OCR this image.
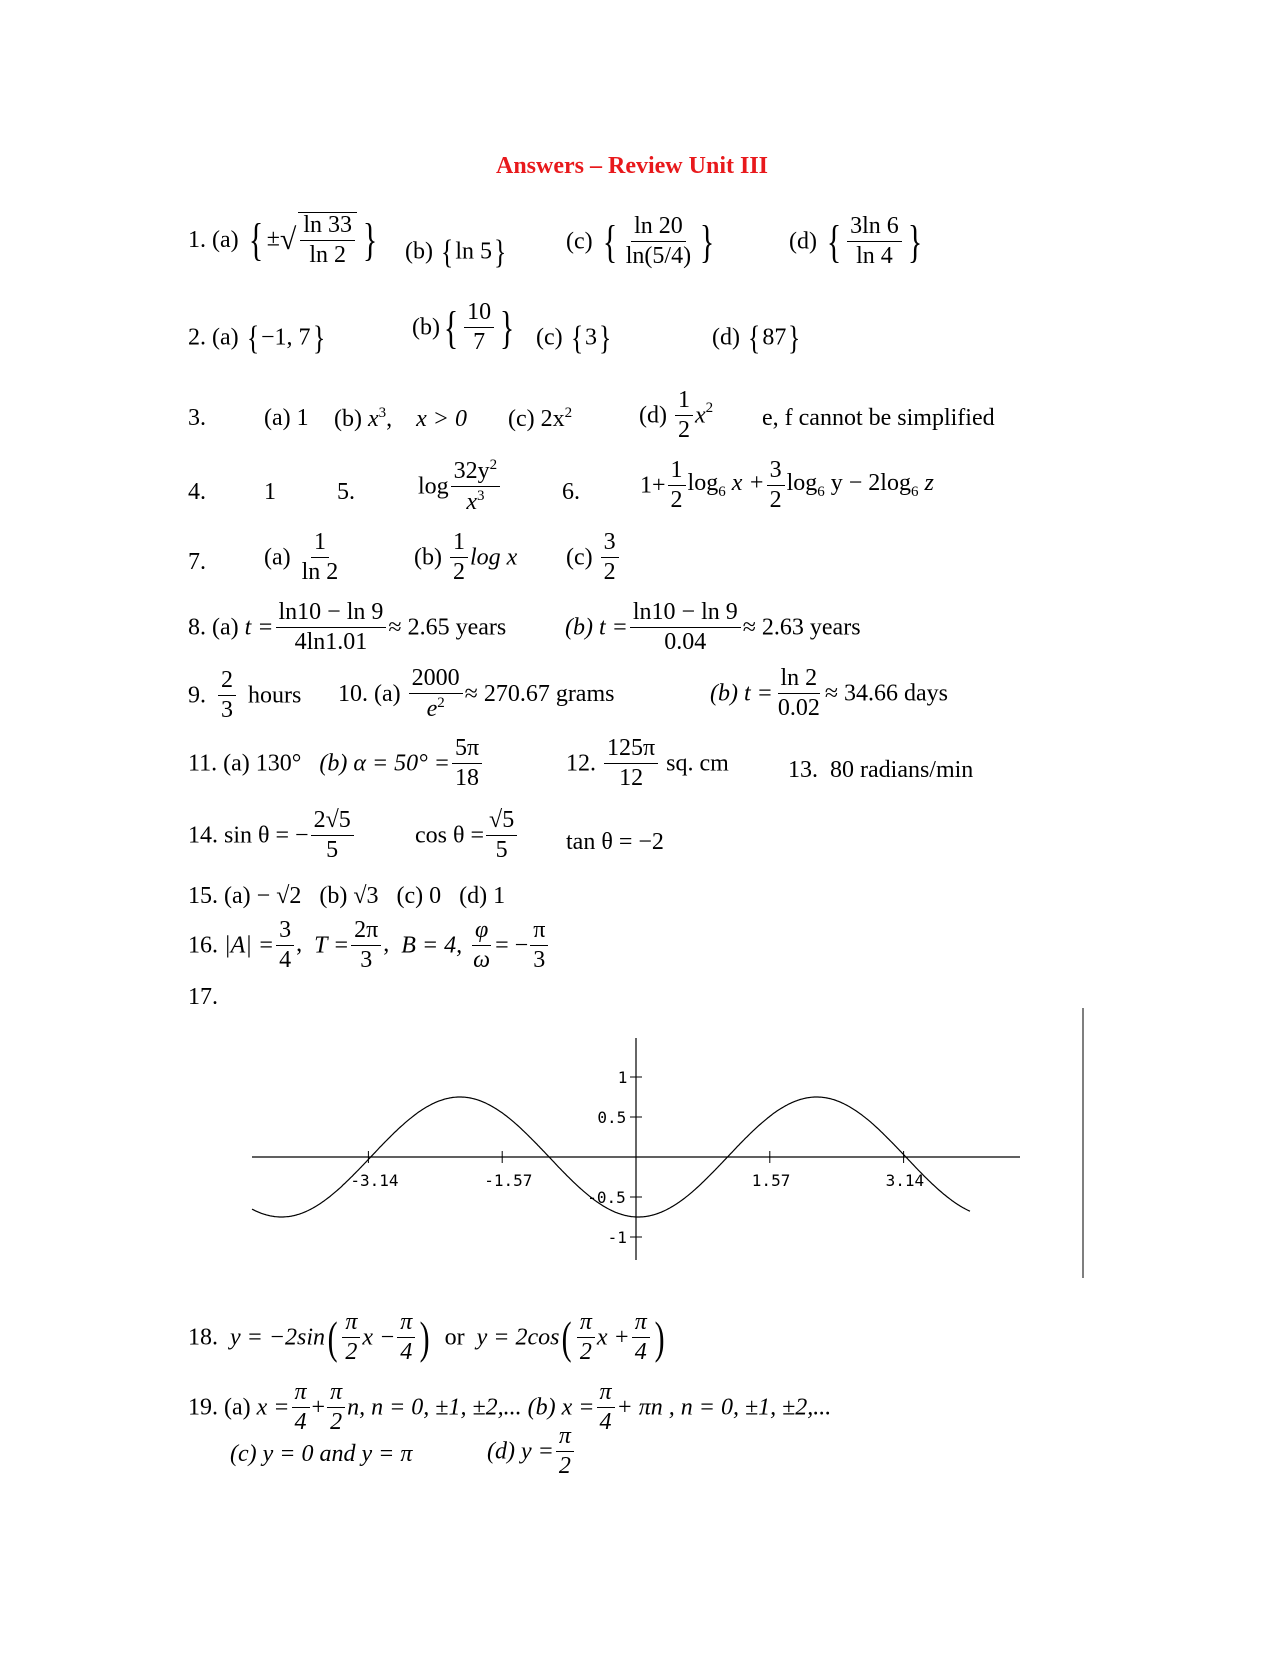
Answers – Review Unit III
1. (a) { ±√ $\frac{\ln 33}{\ln 2}$ } (b) {ln 5} (c) { $\frac{\ln 20}{\ln(5/4)}$ }	(d) { $\frac{3\ln 6}{\ln 4}$ }
2. (a) {−1, 7}	$(b)\{ \frac{10}{7}$ } (c) {3}	(d) {87}
3. (a) 1 (b) $x^3$,    x > 0 (c) $2x^2$	$(d) \frac{1}{2} x^2$ e, f cannot be simplified
4. 1	5.	$\log \frac{32y^2}{x^3}$	6.	$1+ \frac{1}{2} \log_6 x + \frac{3}{2} \log_6 y - 2\log_6$ z
7. $(a) \frac{1}{\ln 2}$	$(b) \frac{1}{2}$ log x $(c) \frac{3}{2}$
8. (a) $t = \frac{\ln 10 - \ln 9}{4\ln 1.01} \approx 2.65$ years (b) $t = \frac{\ln 10 - \ln 9}{0.04} \approx 2.63$ years
9. $\frac{2}{3}$ hours 10. $(a) \frac{2000}{e^2} \approx 270.67$ grams	(b) $t = \frac{\ln 2}{0.02} \approx 34.66$ days
11. (a) 130° (b) $\alpha = 50^\circ = \frac{5\pi}{18}$	12. $\frac{125\pi}{12}$ sq. cm 13. 80 radians/min
14. sin θ = − $\frac{2√5}{5}$	$\cos \theta = \frac{√5}{5}$ tan θ = −2
15. (a) − √2 (b) √3 (c) 0 (d) 1
16. $|A| = \frac{3}{4}$ ,  $T = \frac{2\pi}{3}$ ,  B = 4, $\frac{\varphi}{\omega}$ = − $\frac{\pi}{3}$
17.
-3.14	-1.57	1.57	3.14
1
0.5
-0.5
-1
18. $y = -2\sin( \frac{\pi}{2}$ $x - \frac{\pi}{4}$ ) or $y = 2\cos( \frac{\pi}{2}$ $x + \frac{\pi}{4}$ )
19. (a) $x = \frac{\pi}{4} + \frac{\pi}{2} n$, n = 0, ±1, ±2,... (b) $x = \frac{\pi}{4} + \pi n$ , n = 0, ±1, ±2,...
(c) y = 0 and y = π	(d) $y = \frac{\pi}{2}$
